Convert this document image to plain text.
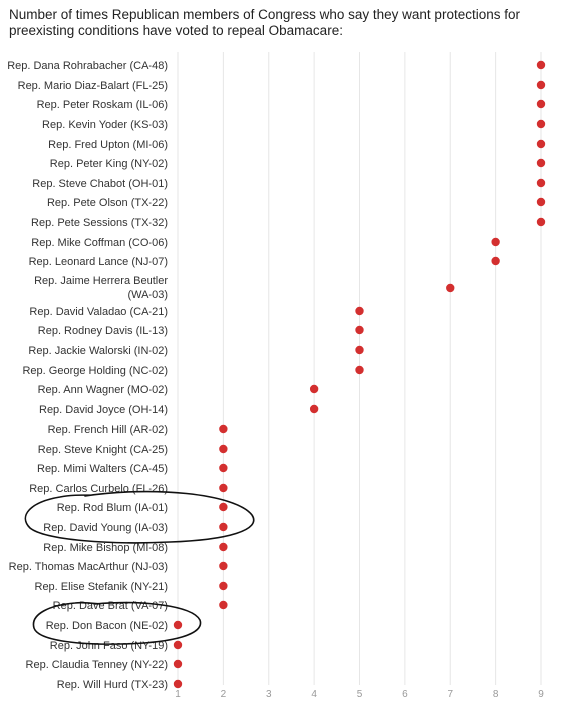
Number of times Republican members of Congress who say they want protections for preexisting conditions have voted to repeal Obamacare:

Rep. Dana Rohrabacher (CA-48)
Rep. Mario Diaz-Balart (FL-25)
Rep. Peter Roskam (IL-06)
Rep. Kevin Yoder (KS-03)
Rep. Fred Upton (MI-06)
Rep. Peter King (NY-02)
Rep. Steve Chabot (OH-01)
Rep. Pete Olson (TX-22)
Rep. Pete Sessions (TX-32)
Rep. Mike Coffman (CO-06)
Rep. Leonard Lance (NJ-07)
Rep. Jaime Herrera Beutler (WA-03)
Rep. David Valadao (CA-21)
Rep. Rodney Davis (IL-13)
Rep. Jackie Walorski (IN-02)
Rep. George Holding (NC-02)
Rep. Ann Wagner (MO-02)
Rep. David Joyce (OH-14)
Rep. French Hill (AR-02)
Rep. Steve Knight (CA-25)
Rep. Mimi Walters (CA-45)
Rep. Carlos Curbelo (FL-26)
Rep. Rod Blum (IA-01)
Rep. David Young (IA-03)
Rep. Mike Bishop (MI-08)
Rep. Thomas MacArthur (NJ-03)
Rep. Elise Stefanik (NY-21)
Rep. Dave Brat (VA-07)
Rep. Don Bacon (NE-02)
Rep. John Faso (NY-19)
Rep. Claudia Tenney (NY-22)
Rep. Will Hurd (TX-23)
1	2	3	4	5	6	7	8	9
